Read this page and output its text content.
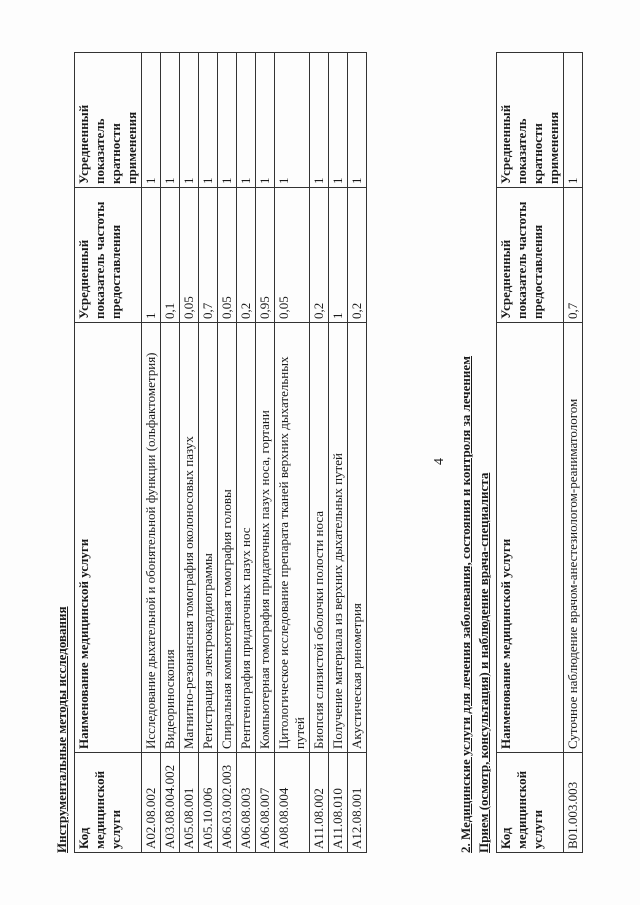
4
Инструментальные методы исследования Код медицинской услуги	Наименование медицинской услуги	Усредненный показатель частоты предоставления	Усредненный показатель кратности применения
A02.08.002	Исследование дыхательной и обонятельной функции (ольфактометрия)	1	1
A03.08.004.002	Видеориноскопия	0,1	1
A05.08.001	Магнитно-резонансная томография околоносовых пазух	0,05	1
A05.10.006	Регистрация электрокардиограммы	0,7	1
A06.03.002.003	Спиральная компьютерная томография головы	0,05	1
A06.08.003	Рентгенография придаточных пазух нос	0,2	1
A06.08.007	Компьютерная томография придаточных пазух носа, гортани	0,95	1
A08.08.004	Цитологическое исследование препарата тканей верхних дыхательных путей	0,05	1
A11.08.002	Биопсия слизистой оболочки полости носа	0,2	1
A11.08.010	Получение материала из верхних дыхательных путей	1	1
A12.08.001	Акустическая ринометрия	0,2	1
2. Медицинские услуги для лечения заболевания, состояния и контроля за лечением Прием (осмотр, консультация) и наблюдение врача-специалиста Код медицинской услуги	Наименование медицинской услуги	Усредненный показатель частоты предоставления	Усредненный показатель кратности применения
B01.003.003	Суточное наблюдение врачом-анестезиологом-реаниматологом	0,7	1
